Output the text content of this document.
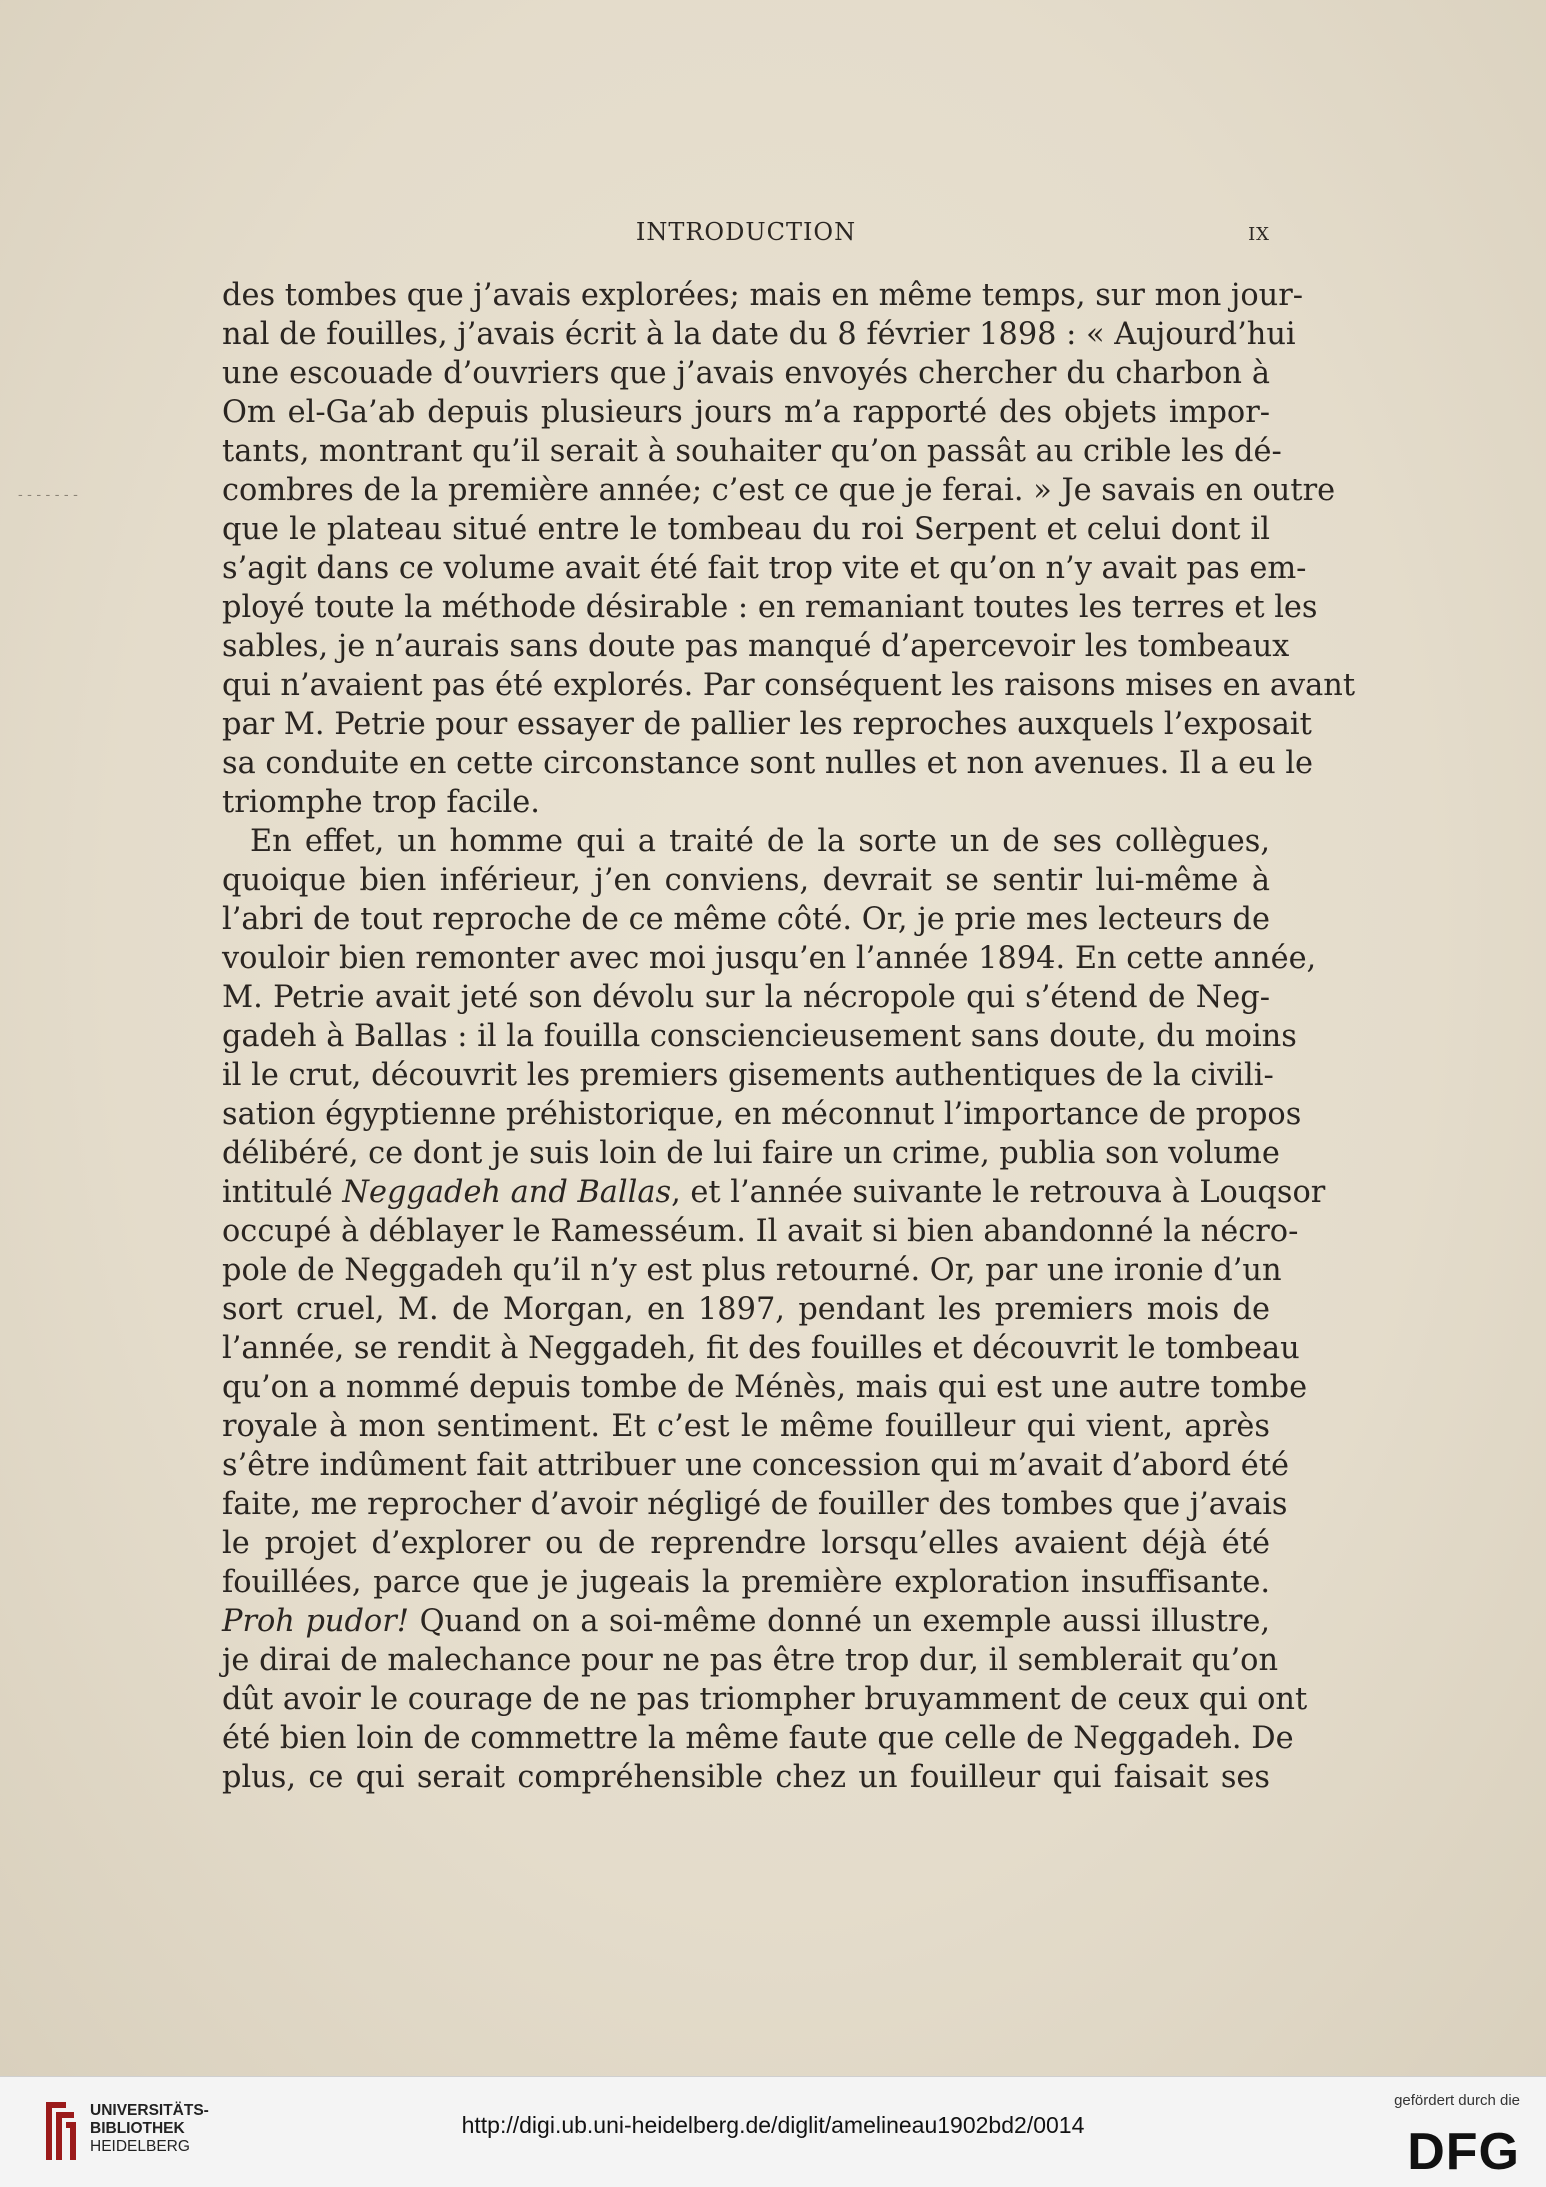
INTRODUCTION	IX
- - - - - - -
des tombes que j’avais explorées; mais en même temps, sur mon jour-
nal de fouilles, j’avais écrit à la date du 8 février 1898 : « Aujourd’hui
une escouade d’ouvriers que j’avais envoyés chercher du charbon à
Om el-Ga’ab depuis plusieurs jours m’a rapporté des objets impor-
tants, montrant qu’il serait à souhaiter qu’on passât au crible les dé-
combres de la première année; c’est ce que je ferai. » Je savais en outre
que le plateau situé entre le tombeau du roi Serpent et celui dont il
s’agit dans ce volume avait été fait trop vite et qu’on n’y avait pas em-
ployé toute la méthode désirable : en remaniant toutes les terres et les
sables, je n’aurais sans doute pas manqué d’apercevoir les tombeaux
qui n’avaient pas été explorés. Par conséquent les raisons mises en avant
par M. Petrie pour essayer de pallier les reproches auxquels l’exposait
sa conduite en cette circonstance sont nulles et non avenues. Il a eu le
triomphe trop facile.
En effet, un homme qui a traité de la sorte un de ses collègues,
quoique bien inférieur, j’en conviens, devrait se sentir lui-même à
l’abri de tout reproche de ce même côté. Or, je prie mes lecteurs de
vouloir bien remonter avec moi jusqu’en l’année 1894. En cette année,
M. Petrie avait jeté son dévolu sur la nécropole qui s’étend de Neg-
gadeh à Ballas : il la fouilla consciencieusement sans doute, du moins
il le crut, découvrit les premiers gisements authentiques de la civili-
sation égyptienne préhistorique, en méconnut l’importance de propos
délibéré, ce dont je suis loin de lui faire un crime, publia son volume
intitulé Neggadeh and Ballas, et l’année suivante le retrouva à Louqsor
occupé à déblayer le Ramesséum. Il avait si bien abandonné la nécro-
pole de Neggadeh qu’il n’y est plus retourné. Or, par une ironie d’un
sort cruel, M. de Morgan, en 1897, pendant les premiers mois de
l’année, se rendit à Neggadeh, fit des fouilles et découvrit le tombeau
qu’on a nommé depuis tombe de Ménès, mais qui est une autre tombe
royale à mon sentiment. Et c’est le même fouilleur qui vient, après
s’être indûment fait attribuer une concession qui m’avait d’abord été
faite, me reprocher d’avoir négligé de fouiller des tombes que j’avais
le projet d’explorer ou de reprendre lorsqu’elles avaient déjà été
fouillées, parce que je jugeais la première exploration insuffisante.
Proh pudor! Quand on a soi-même donné un exemple aussi illustre,
je dirai de malechance pour ne pas être trop dur, il semblerait qu’on
dût avoir le courage de ne pas triompher bruyamment de ceux qui ont
été bien loin de commettre la même faute que celle de Neggadeh. De
plus, ce qui serait compréhensible chez un fouilleur qui faisait ses
UNIVERSITÄTS-
BIBLIOTHEK
HEIDELBERG
http://digi.ub.uni-heidelberg.de/diglit/amelineau1902bd2/0014
gefördert durch die
DFG
